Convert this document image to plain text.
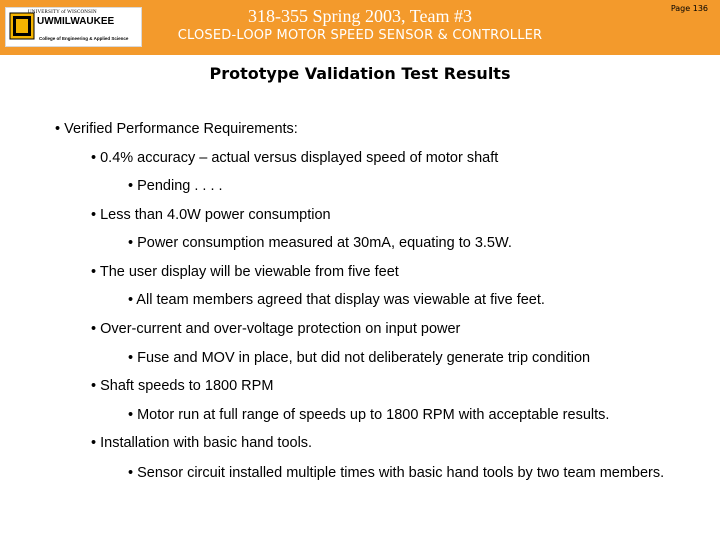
UNIVERSITY of WISCONSIN
UWMILWAUKEE
College of Engineering & Applied Science
318-355 Spring 2003, Team #3
CLOSED-LOOP MOTOR SPEED SENSOR & CONTROLLER
Page 136
Prototype Validation Test Results
• Verified Performance Requirements:
• 0.4% accuracy – actual versus displayed speed of motor shaft
• Pending . . . .
• Less than 4.0W power consumption
• Power consumption measured at 30mA, equating to 3.5W.
• The user display will be viewable from five feet
• All team members agreed that display was viewable at five feet.
• Over-current and over-voltage protection on input power
• Fuse and MOV in place, but did not deliberately generate trip condition
• Shaft speeds to 1800 RPM
• Motor run at full range of speeds up to 1800 RPM with acceptable results.
• Installation with basic hand tools.
• Sensor circuit installed multiple times with basic hand tools by two team members.
